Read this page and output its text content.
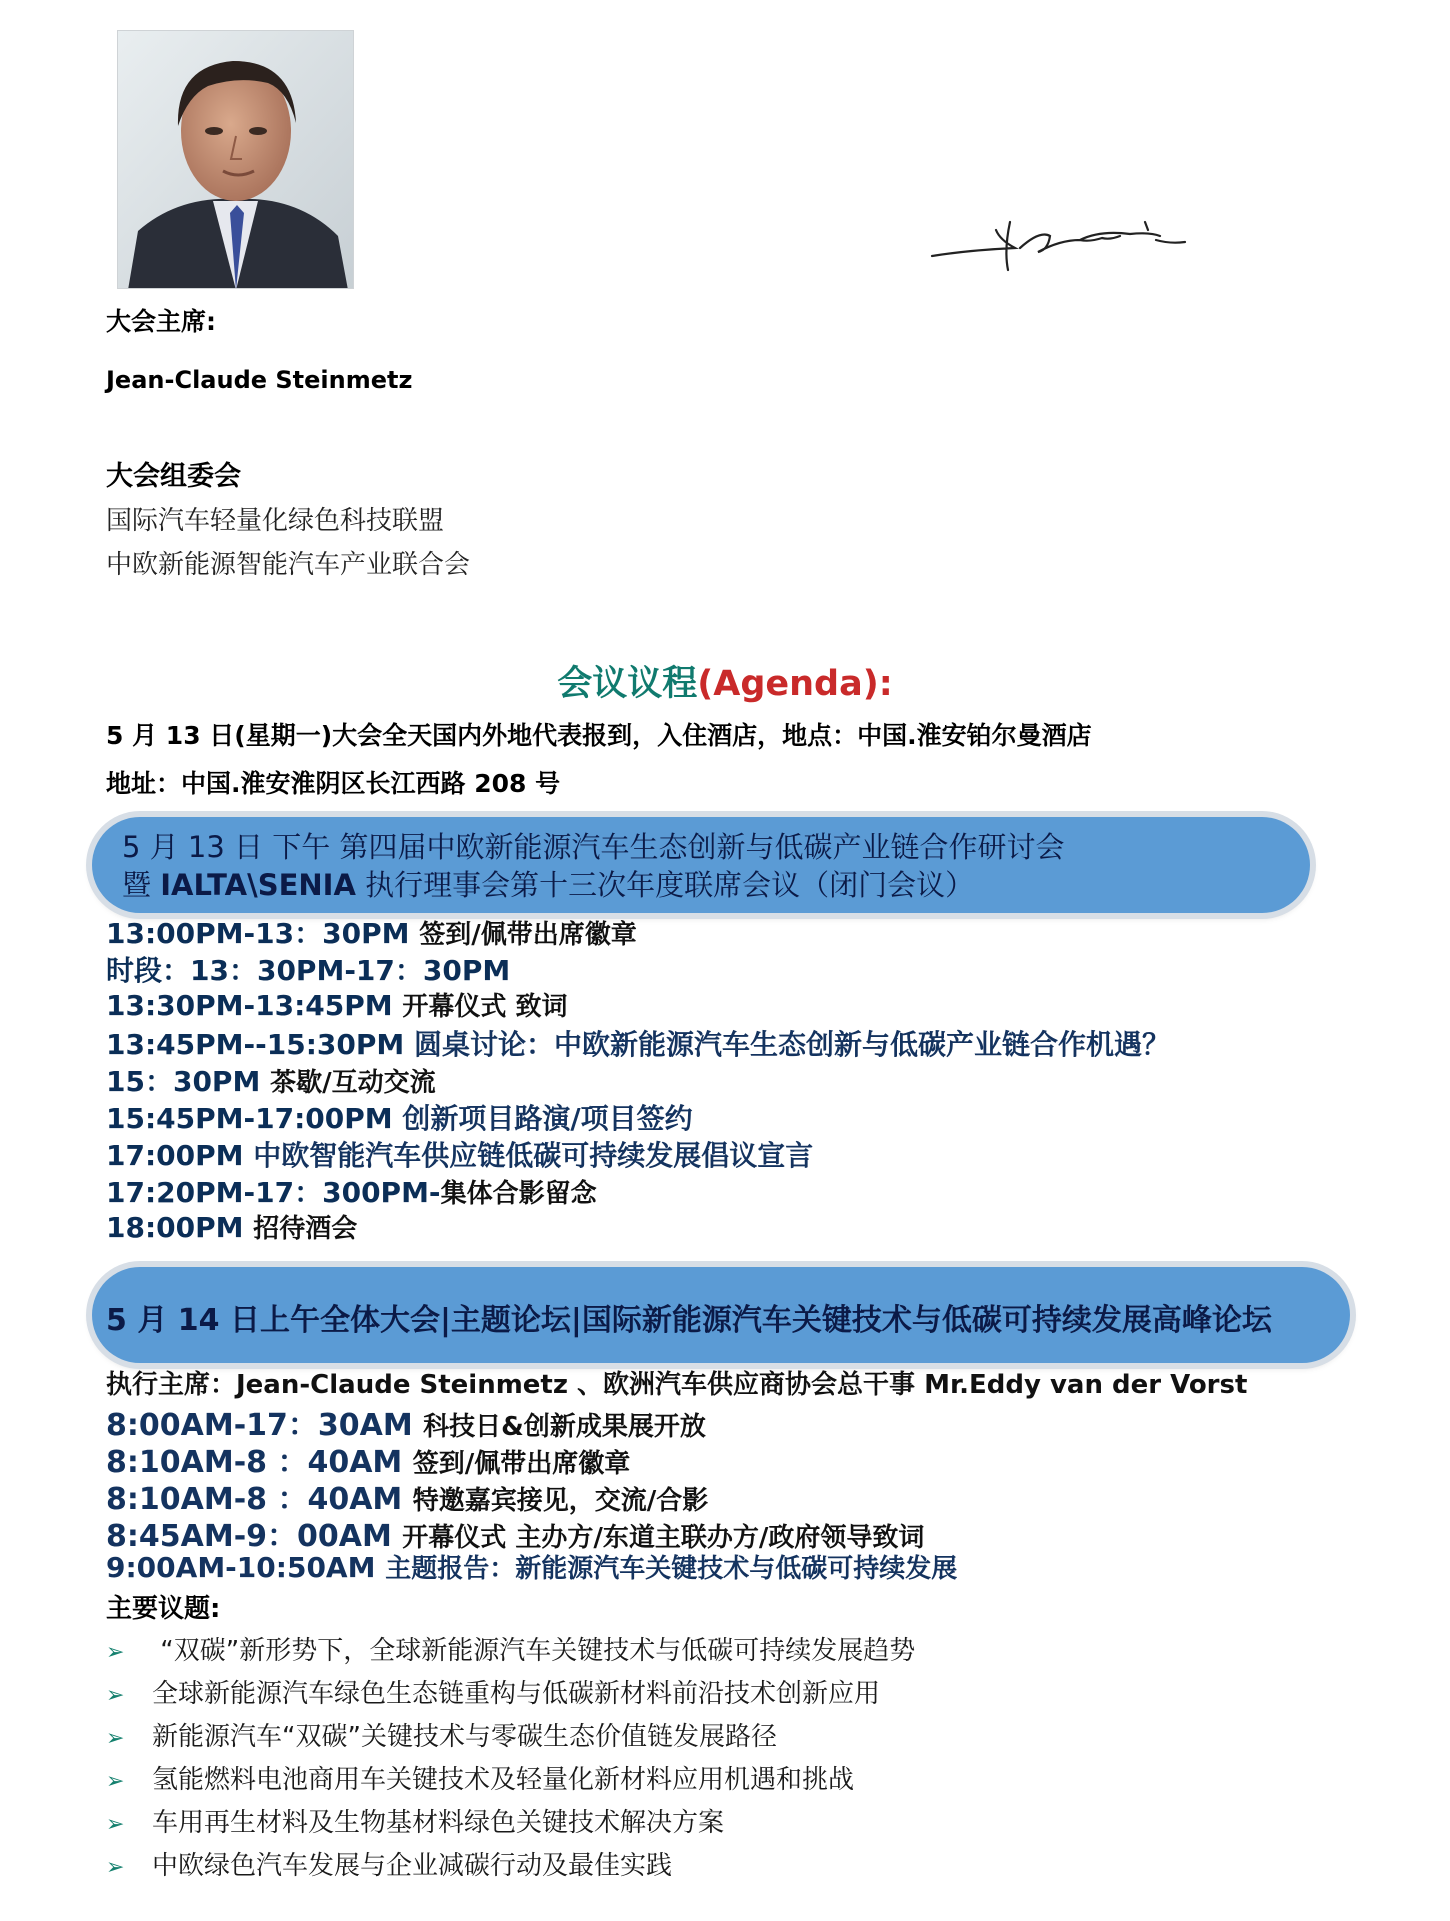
大会主席:
Jean-Claude Steinmetz
大会组委会
国际汽车轻量化绿色科技联盟
中欧新能源智能汽车产业联合会
会议议程(Agenda):
5 月 13 日(星期一)大会全天国内外地代表报到，入住酒店，地点：中国.淮安铂尔曼酒店
地址：中国.淮安淮阴区长江西路 208 号
5 月 13 日 下午 第四届中欧新能源汽车生态创新与低碳产业链合作研讨会
暨 IALTA\SENIA 执行理事会第十三次年度联席会议（闭门会议）
13:00PM-13：30PM 签到/佩带出席徽章
时段：13：30PM-17：30PM
13:30PM-13:45PM 开幕仪式 致词
13:45PM--15:30PM 圆桌讨论：中欧新能源汽车生态创新与低碳产业链合作机遇？
15：30PM 茶歇/互动交流
15:45PM-17:00PM 创新项目路演/项目签约
17:00PM 中欧智能汽车供应链低碳可持续发展倡议宣言
17:20PM-17：300PM-集体合影留念
18:00PM 招待酒会
5 月 14 日上午全体大会|主题论坛|国际新能源汽车关键技术与低碳可持续发展高峰论坛
执行主席：Jean-Claude Steinmetz 、欧洲汽车供应商协会总干事 Mr.Eddy van der Vorst
8:00AM-17：30AM 科技日&创新成果展开放
8:10AM-8 ：40AM 签到/佩带出席徽章
8:10AM-8 ：40AM 特邀嘉宾接见，交流/合影
8:45AM-9：00AM 开幕仪式 主办方/东道主联办方/政府领导致词
9:00AM-10:50AM 主题报告：新能源汽车关键技术与低碳可持续发展
主要议题:
➢ “双碳”新形势下，全球新能源汽车关键技术与低碳可持续发展趋势
➢ 全球新能源汽车绿色生态链重构与低碳新材料前沿技术创新应用
➢ 新能源汽车“双碳”关键技术与零碳生态价值链发展路径
➢ 氢能燃料电池商用车关键技术及轻量化新材料应用机遇和挑战
➢ 车用再生材料及生物基材料绿色关键技术解决方案
➢ 中欧绿色汽车发展与企业减碳行动及最佳实践
